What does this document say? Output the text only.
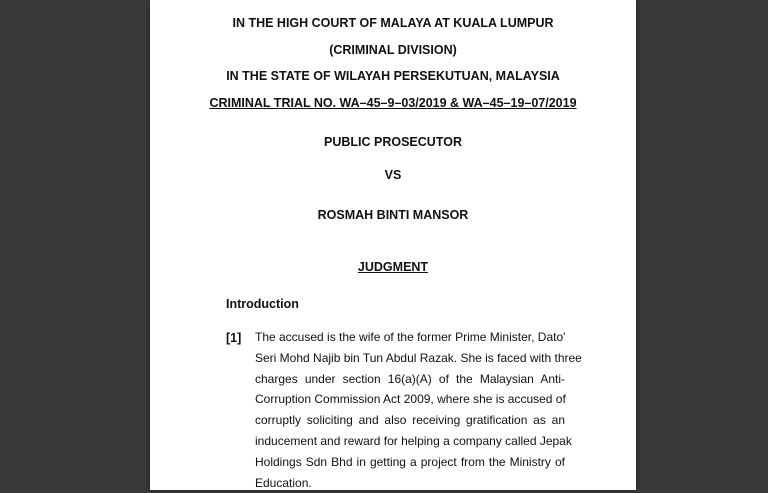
IN THE HIGH COURT OF MALAYA AT KUALA LUMPUR
(CRIMINAL DIVISION)
IN THE STATE OF WILAYAH PERSEKUTUAN, MALAYSIA
CRIMINAL TRIAL NO. WA–45–9–03/2019 & WA–45–19–07/2019
PUBLIC PROSECUTOR
VS
ROSMAH BINTI MANSOR
JUDGMENT
Introduction
[1] The accused is the wife of the former Prime Minister, Dato'
Seri Mohd Najib bin Tun Abdul Razak. She is faced with three
charges under section 16(a)(A) of the Malaysian Anti-
Corruption Commission Act 2009, where she is accused of
corruptly soliciting and also receiving gratification as an
inducement and reward for helping a company called Jepak
Holdings Sdn Bhd in getting a project from the Ministry of
Education.
